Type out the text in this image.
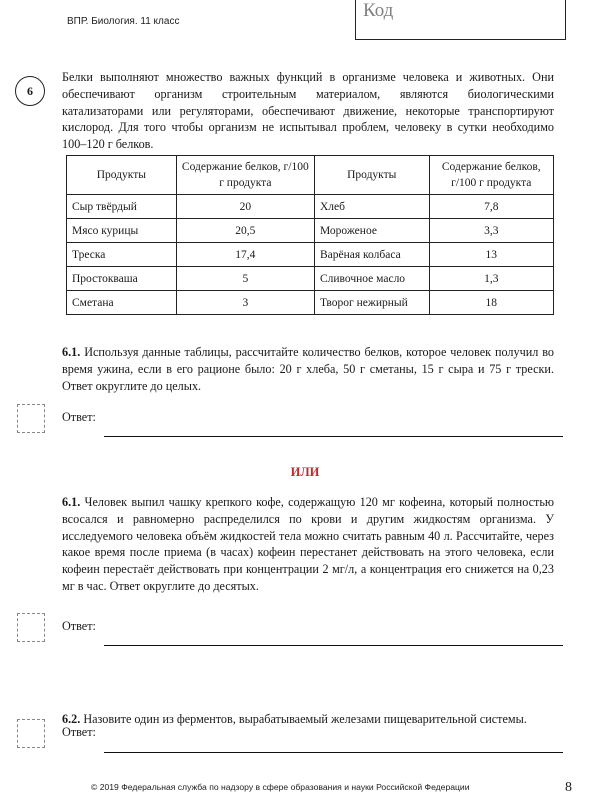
ВПР. Биология. 11 класс
Код
6
Белки выполняют множество важных функций в организме человека и животных. Они обеспечивают организм строительным материалом, являются биологическими катализаторами или регуляторами, обеспечивают движение, некоторые транспортируют кислород. Для того чтобы организм не испытывал проблем, человеку в сутки необходимо 100–120 г белков.
Продукты	Содержание белков, г/100 г продукта	Продукты	Содержание белков, г/100 г продукта
Сыр твёрдый	20	Хлеб	7,8
Мясо курицы	20,5	Мороженое	3,3
Треска	17,4	Варёная колбаса	13
Простокваша	5	Сливочное масло	1,3
Сметана	3	Творог нежирный	18
6.1. Используя данные таблицы, рассчитайте количество белков, которое человек получил во время ужина, если в его рационе было: 20 г хлеба, 50 г сметаны, 15 г сыра и 75 г трески. Ответ округлите до целых.
Ответ:
ИЛИ
6.1. Человек выпил чашку крепкого кофе, содержащую 120 мг кофеина, который полностью всосался и равномерно распределился по крови и другим жидкостям организма. У исследуемого человека объём жидкостей тела можно считать равным 40 л. Рассчитайте, через какое время после приема (в часах) кофеин перестанет действовать на этого человека, если кофеин перестаёт действовать при концентрации 2 мг/л, а концентрация его снижется на 0,23 мг в час. Ответ округлите до десятых.
Ответ:
6.2. Назовите один из ферментов, вырабатываемый железами пищеварительной системы.
Ответ:
© 2019 Федеральная служба по надзору в сфере образования и науки Российской Федерации	8
